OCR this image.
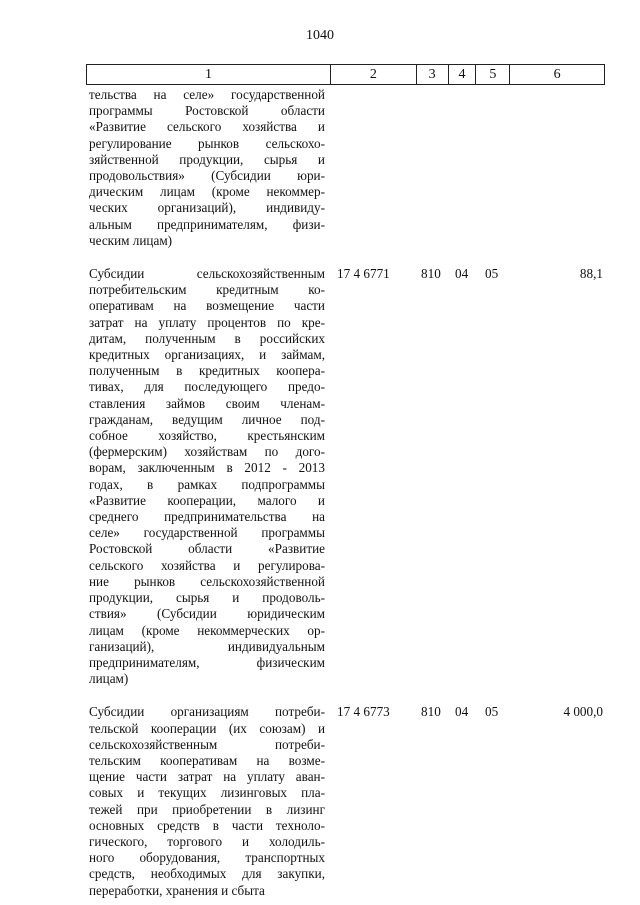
1040
1	2	3	4	5	6
тельства на селе» государственной
программы Ростовской области
«Развитие сельского хозяйства и
регулирование рынков сельскохо-
зяйственной продукции, сырья и
продовольствия» (Субсидии юри-
дическим лицам (кроме некоммер-
ческих организаций), индивиду-
альным предпринимателям, физи-
ческим лицам)
Субсидии сельскохозяйственным
потребительским кредитным ко-
оперативам на возмещение части
затрат на уплату процентов по кре-
дитам, полученным в российских
кредитных организациях, и займам,
полученным в кредитных коопера-
тивах, для последующего предо-
ставления займов своим членам-
гражданам, ведущим личное под-
собное хозяйство, крестьянским
(фермерским) хозяйствам по дого-
ворам, заключенным в 2012 - 2013
годах, в рамках подпрограммы
«Развитие кооперации, малого и
среднего предпринимательства на
селе» государственной программы
Ростовской области «Развитие
сельского хозяйства и регулирова-
ние рынков сельскохозяйственной
продукции, сырья и продоволь-
ствия» (Субсидии юридическим
лицам (кроме некоммерческих ор-
ганизаций), индивидуальным
предпринимателям, физическим
лицам)
17 4 6771	810	04	05	88,1
Субсидии организациям потреби-
тельской кооперации (их союзам) и
сельскохозяйственным потреби-
тельским кооперативам на возме-
щение части затрат на уплату аван-
совых и текущих лизинговых пла-
тежей при приобретении в лизинг
основных средств в части техноло-
гического, торгового и холодиль-
ного оборудования, транспортных
средств, необходимых для закупки,
переработки, хранения и сбыта
17 4 6773	810	04	05	4 000,0
